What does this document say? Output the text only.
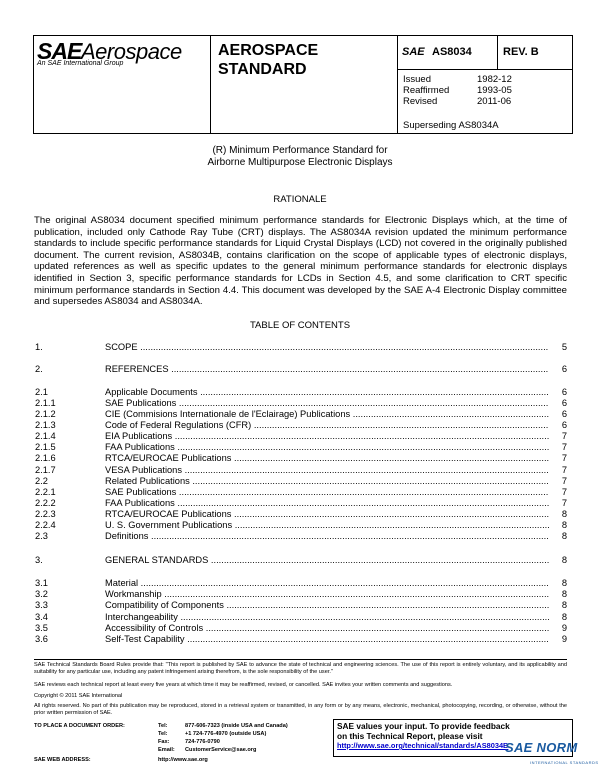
SAE Aerospace
An SAE International Group
AEROSPACE
STANDARD
SAE AS8034	REV. B
Issued	1982-12
Reaffirmed	1993-05
Revised	2011-06
Superseding AS8034A
(R) Minimum Performance Standard for
Airborne Multipurpose Electronic Displays
RATIONALE
The original AS8034 document specified minimum performance standards for Electronic Displays which, at the time of publication, included only Cathode Ray Tube (CRT) displays. The AS8034A revision updated the minimum performance standards to include specific performance standards for Liquid Crystal Displays (LCD) not covered in the originally published document. The current revision, AS8034B, contains clarification on the scope of applicable types of electronic displays, updated references as well as specific updates to the general minimum performance standards for electronic displays identified in Section 3, specific performance standards for LCDs in Section 4.5, and some clarification to CRT specific minimum performance standards in Section 4.4. This document was developed by the SAE A-4 Electronic Display committee and supersedes AS8034 and AS8034A.
TABLE OF CONTENTS
1.	SCOPE .....	5
2.	REFERENCES .....	6
2.1	Applicable Documents .....	6
2.1.1	SAE Publications .....	6
2.1.2	CIE (Commisions Internationale de l'Eclairage) Publications .....	6
2.1.3	Code of Federal Regulations (CFR) .....	6
2.1.4	EIA Publications .....	7
2.1.5	FAA Publications .....	7
2.1.6	RTCA/EUROCAE Publications .....	7
2.1.7	VESA Publications .....	7
2.2	Related Publications .....	7
2.2.1	SAE Publications .....	7
2.2.2	FAA Publications .....	7
2.2.3	RTCA/EUROCAE Publications .....	8
2.2.4	U. S. Government Publications .....	8
2.3	Definitions .....	8
3.	GENERAL STANDARDS .....	8
3.1	Material .....	8
3.2	Workmanship .....	8
3.3	Compatibility of Components .....	8
3.4	Interchangeability .....	8
3.5	Accessibility of Controls .....	9
3.6	Self-Test Capability .....	9
SAE Technical Standards Board Rules provide that: "This report is published by SAE to advance the state of technical and engineering sciences. The use of this report is entirely voluntary, and its applicability and suitability for any particular use, including any patent infringement arising therefrom, is the sole responsibility of the user."
SAE reviews each technical report at least every five years at which time it may be reaffirmed, revised, or cancelled. SAE invites your written comments and suggestions.
Copyright © 2011 SAE International
All rights reserved. No part of this publication may be reproduced, stored in a retrieval system or transmitted, in any form or by any means, electronic, mechanical, photocopying, recording, or otherwise, without the prior written permission of SAE.
TO PLACE A DOCUMENT ORDER:	Tel:	877-606-7323 (inside USA and Canada)
Tel:	+1 724-776-4970 (outside USA)
Fax:	724-776-0790
Email: CustomerService@sae.org
SAE WEB ADDRESS:	http://www.sae.org
SAE values your input. To provide feedback
on this Technical Report, please visit
http://www.sae.org/technical/standards/AS8034B
SAE NORM
INTERNATIONAL STANDARDS
